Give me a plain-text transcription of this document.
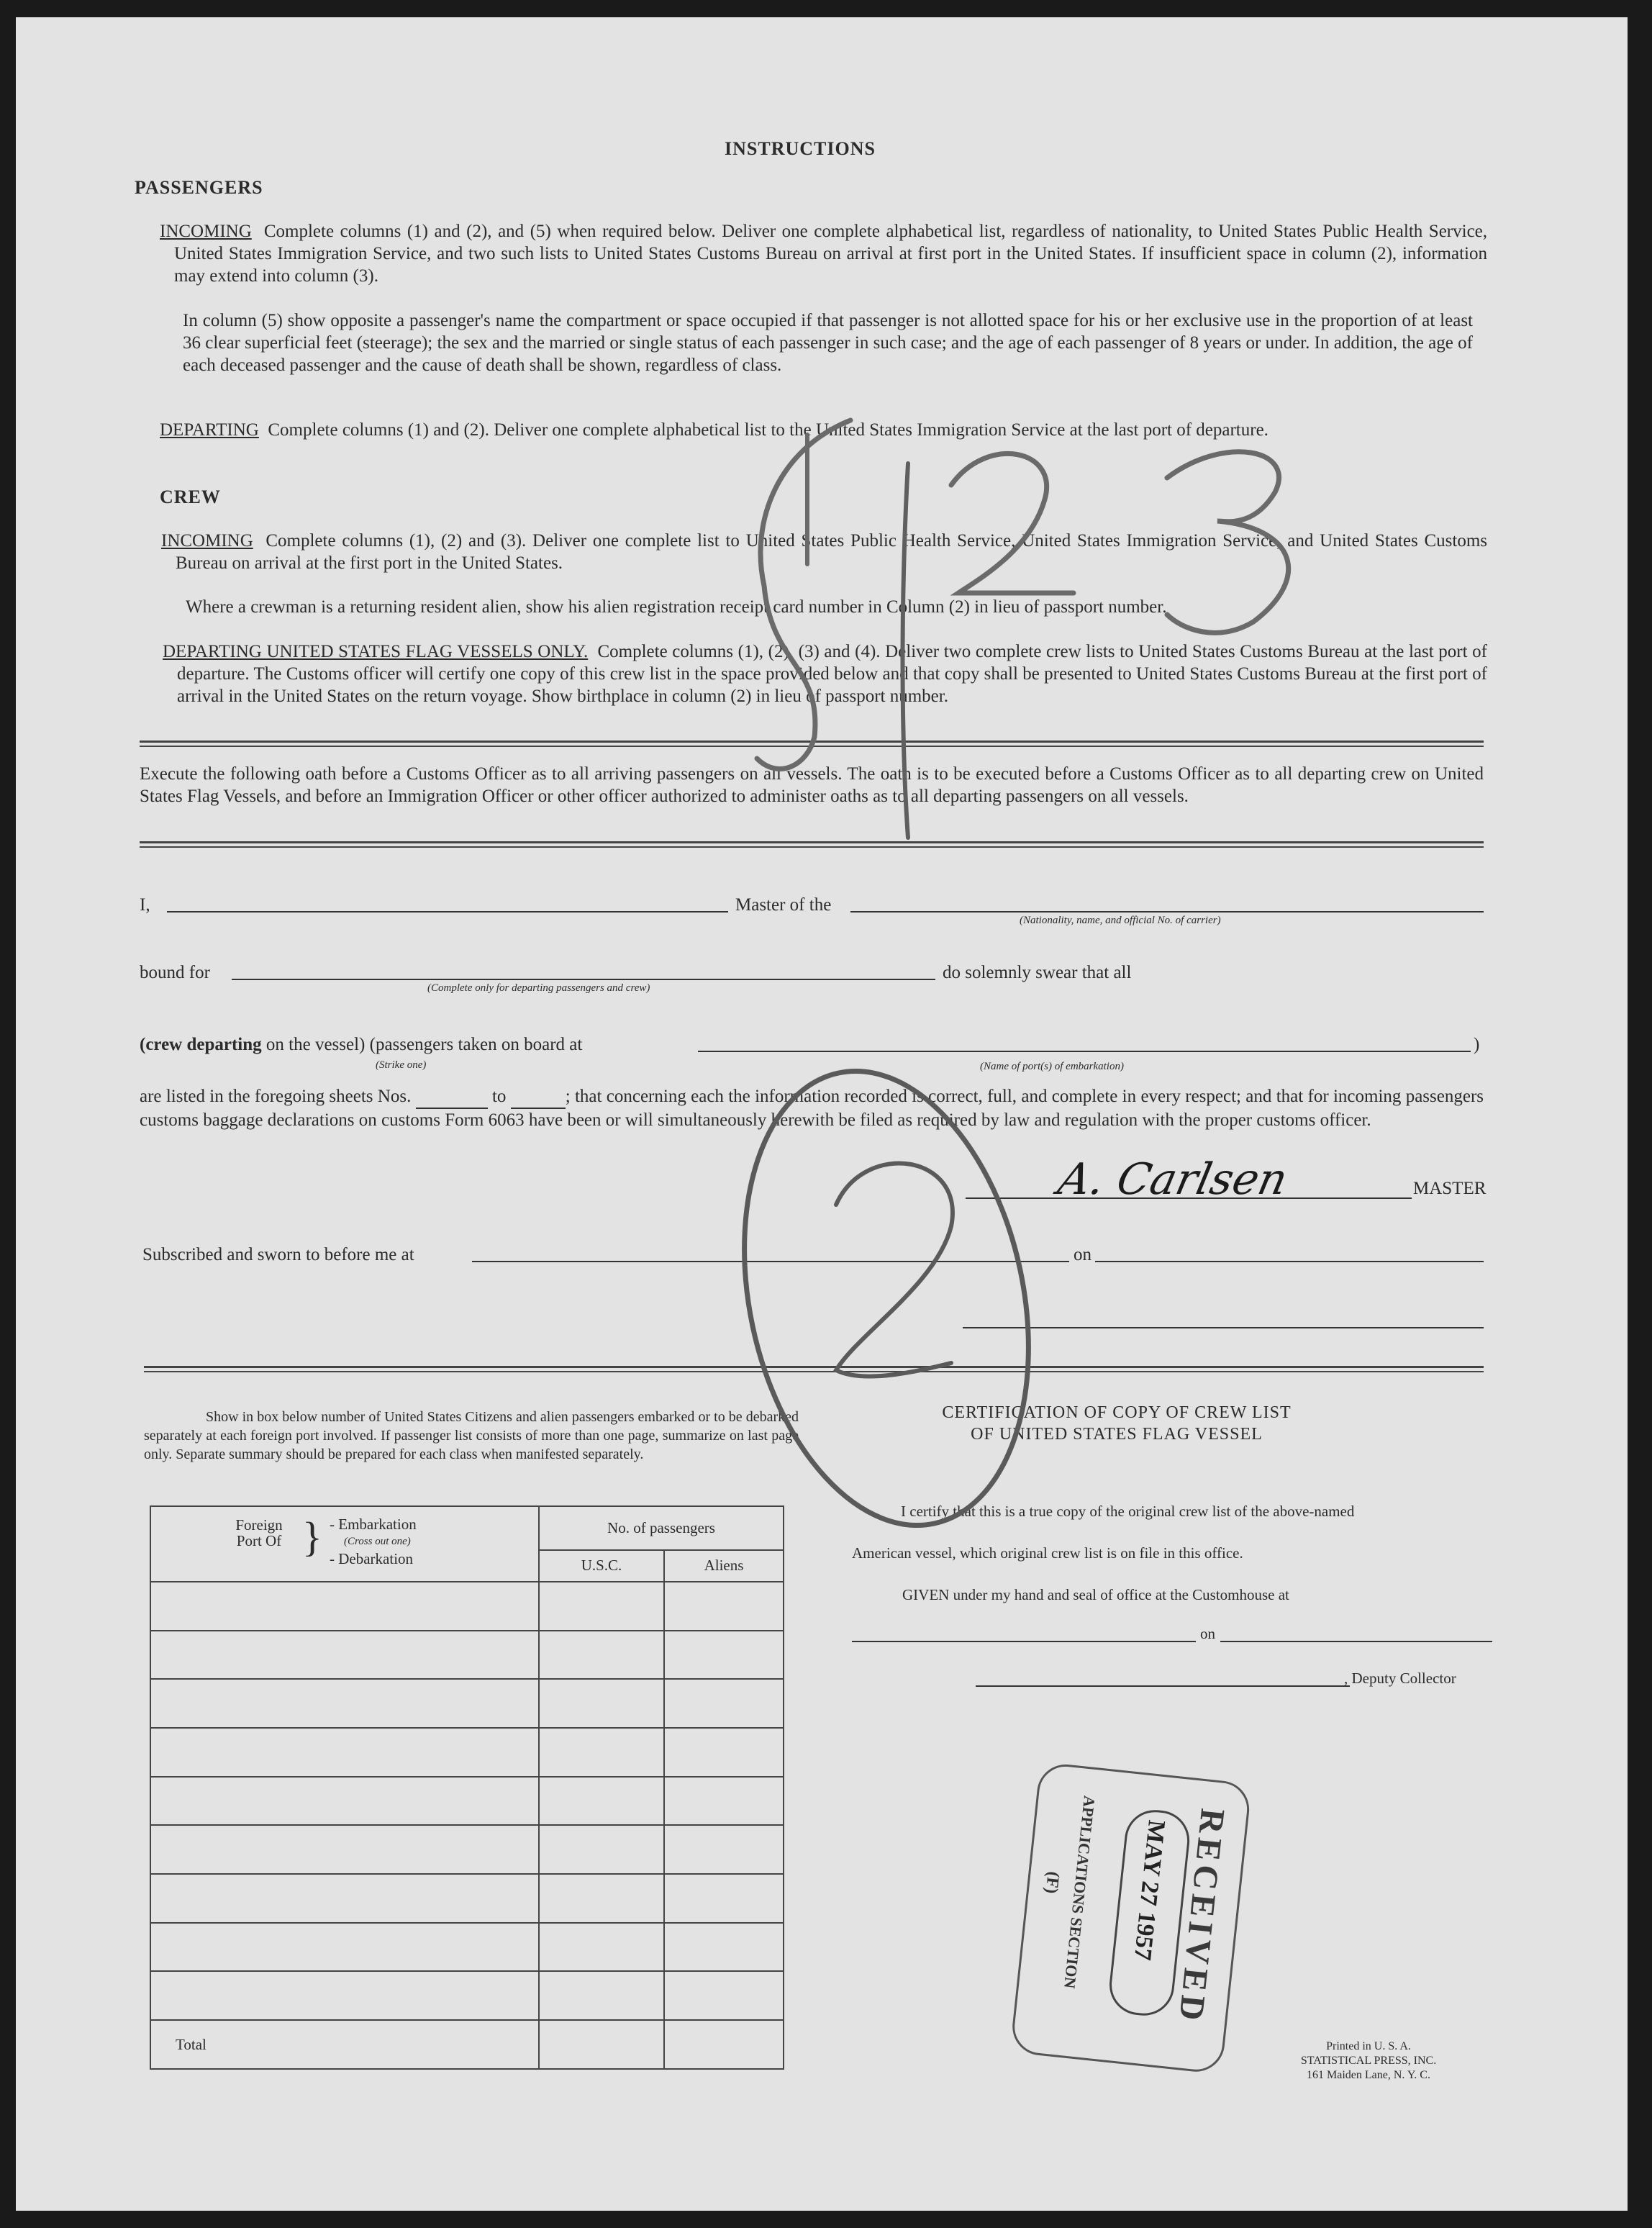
INSTRUCTIONS
PASSENGERS
INCOMING Complete columns (1) and (2), and (5) when required below. Deliver one complete alphabetical list, regardless of nationality, to United States Public Health Service, United States Immigration Service, and two such lists to United States Customs Bureau on arrival at first port in the United States. If insufficient space in column (2), information may extend into column (3).
In column (5) show opposite a passenger's name the compartment or space occupied if that passenger is not allotted space for his or her exclusive use in the proportion of at least 36 clear superficial feet (steerage); the sex and the married or single status of each passenger in such case; and the age of each passenger of 8 years or under. In addition, the age of each deceased passenger and the cause of death shall be shown, regardless of class.
DEPARTING Complete columns (1) and (2). Deliver one complete alphabetical list to the United States Immigration Service at the last port of departure.
CREW
INCOMING Complete columns (1), (2) and (3). Deliver one complete list to United States Public Health Service, United States Immigration Service, and United States Customs Bureau on arrival at the first port in the United States.
Where a crewman is a returning resident alien, show his alien registration receipt card number in Column (2) in lieu of passport number.
DEPARTING UNITED STATES FLAG VESSELS ONLY. Complete columns (1), (2), (3) and (4). Deliver two complete crew lists to United States Customs Bureau at the last port of departure. The Customs officer will certify one copy of this crew list in the space provided below and that copy shall be presented to United States Customs Bureau at the first port of arrival in the United States on the return voyage. Show birthplace in column (2) in lieu of passport number.
Execute the following oath before a Customs Officer as to all arriving passengers on all vessels. The oath is to be executed before a Customs Officer as to all departing crew on United States Flag Vessels, and before an Immigration Officer or other officer authorized to administer oaths as to all departing passengers on all vessels.
I,	Master of the
(Nationality, name, and official No. of carrier)
bound for
(Complete only for departing passengers and crew)
do solemnly swear that all
(crew departing on the vessel) (passengers taken on board at
(Strike one)	(Name of port(s) of embarkation)
)
are listed in the foregoing sheets Nos.	to	; that concerning each the information recorded is correct, full, and complete in every respect; and that for incoming passengers customs baggage declarations on customs Form 6063 have been or will simultaneously herewith be filed as required by law and regulation with the proper customs officer.
A. Carlsen	MASTER
Subscribed and sworn to before me at	on
Show in box below number of United States Citizens and alien passengers embarked or to be debarked separately at each foreign port involved. If passenger list consists of more than one page, summarize on last page only. Separate summary should be prepared for each class when manifested separately.
Foreign Port Of } - Embarkation
(Cross out one)
- Debarkation	No. of passengers	
	U.S.C.	Aliens

Total		
CERTIFICATION OF COPY OF CREW LIST
OF UNITED STATES FLAG VESSEL
I certify that this is a true copy of the original crew list of the above-named
American vessel, which original crew list is on file in this office.
GIVEN under my hand and seal of office at the Customhouse at
on
, Deputy Collector
RECEIVED
MAY 27 1957
APPLICATIONS SECTION
(F)
Printed in U. S. A.
STATISTICAL PRESS, INC.
161 Maiden Lane, N. Y. C.
